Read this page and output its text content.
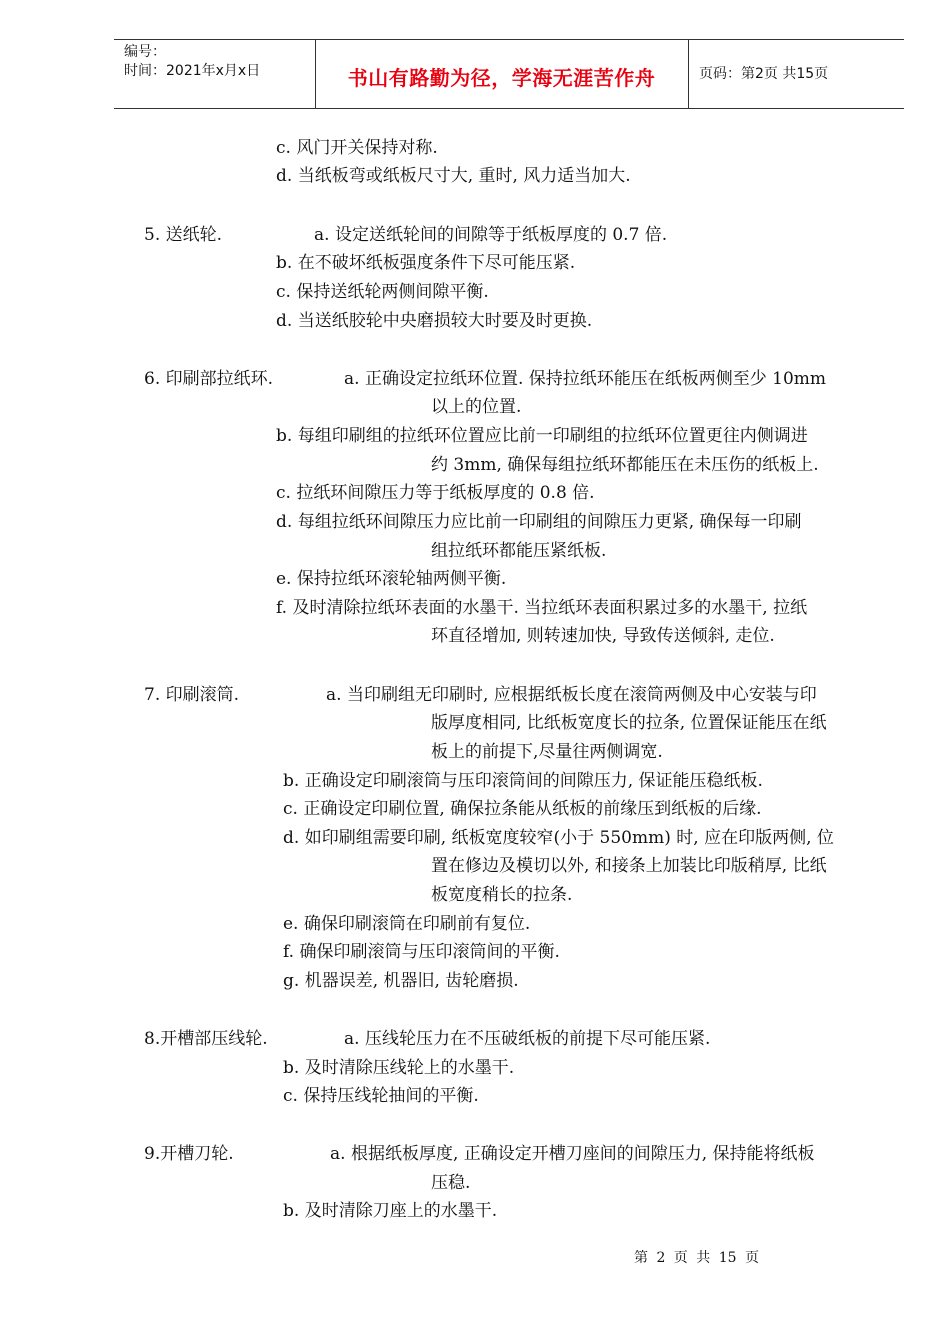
编号：
时间：2021年x月x日	书山有路勤为径，学海无涯苦作舟	页码：第2页 共15页
c. 风门开关保持对称.
d. 当纸板弯或纸板尺寸大, 重时, 风力适当加大.
5. 送纸轮.	a. 设定送纸轮间的间隙等于纸板厚度的 0.7 倍.
b. 在不破坏纸板强度条件下尽可能压紧.
c. 保持送纸轮两侧间隙平衡.
d. 当送纸胶轮中央磨损较大时要及时更换.
6. 印刷部拉纸环.	a. 正确设定拉纸环位置. 保持拉纸环能压在纸板两侧至少 10mm
以上的位置.
b. 每组印刷组的拉纸环位置应比前一印刷组的拉纸环位置更往内侧调进
约 3mm, 确保每组拉纸环都能压在未压伤的纸板上.
c. 拉纸环间隙压力等于纸板厚度的 0.8 倍.
d. 每组拉纸环间隙压力应比前一印刷组的间隙压力更紧, 确保每一印刷
组拉纸环都能压紧纸板.
e. 保持拉纸环滚轮轴两侧平衡.
f. 及时清除拉纸环表面的水墨干. 当拉纸环表面积累过多的水墨干, 拉纸
环直径增加, 则转速加快, 导致传送倾斜, 走位.
7. 印刷滚筒.	a. 当印刷组无印刷时, 应根据纸板长度在滚筒两侧及中心安装与印
版厚度相同, 比纸板宽度长的拉条, 位置保证能压在纸
板上的前提下,尽量往两侧调宽.
b. 正确设定印刷滚筒与压印滚筒间的间隙压力, 保证能压稳纸板.
c. 正确设定印刷位置, 确保拉条能从纸板的前缘压到纸板的后缘.
d. 如印刷组需要印刷, 纸板宽度较窄(小于 550mm) 时, 应在印版两侧, 位
置在修边及模切以外, 和接条上加装比印版稍厚, 比纸
板宽度稍长的拉条.
e. 确保印刷滚筒在印刷前有复位.
f. 确保印刷滚筒与压印滚筒间的平衡.
g. 机器误差, 机器旧, 齿轮磨损.
8.开槽部压线轮.	a. 压线轮压力在不压破纸板的前提下尽可能压紧.
b. 及时清除压线轮上的水墨干.
c. 保持压线轮抽间的平衡.
9.开槽刀轮.	a. 根据纸板厚度, 正确设定开槽刀座间的间隙压力, 保持能将纸板
压稳.
b. 及时清除刀座上的水墨干.
第 2 页 共 15 页
